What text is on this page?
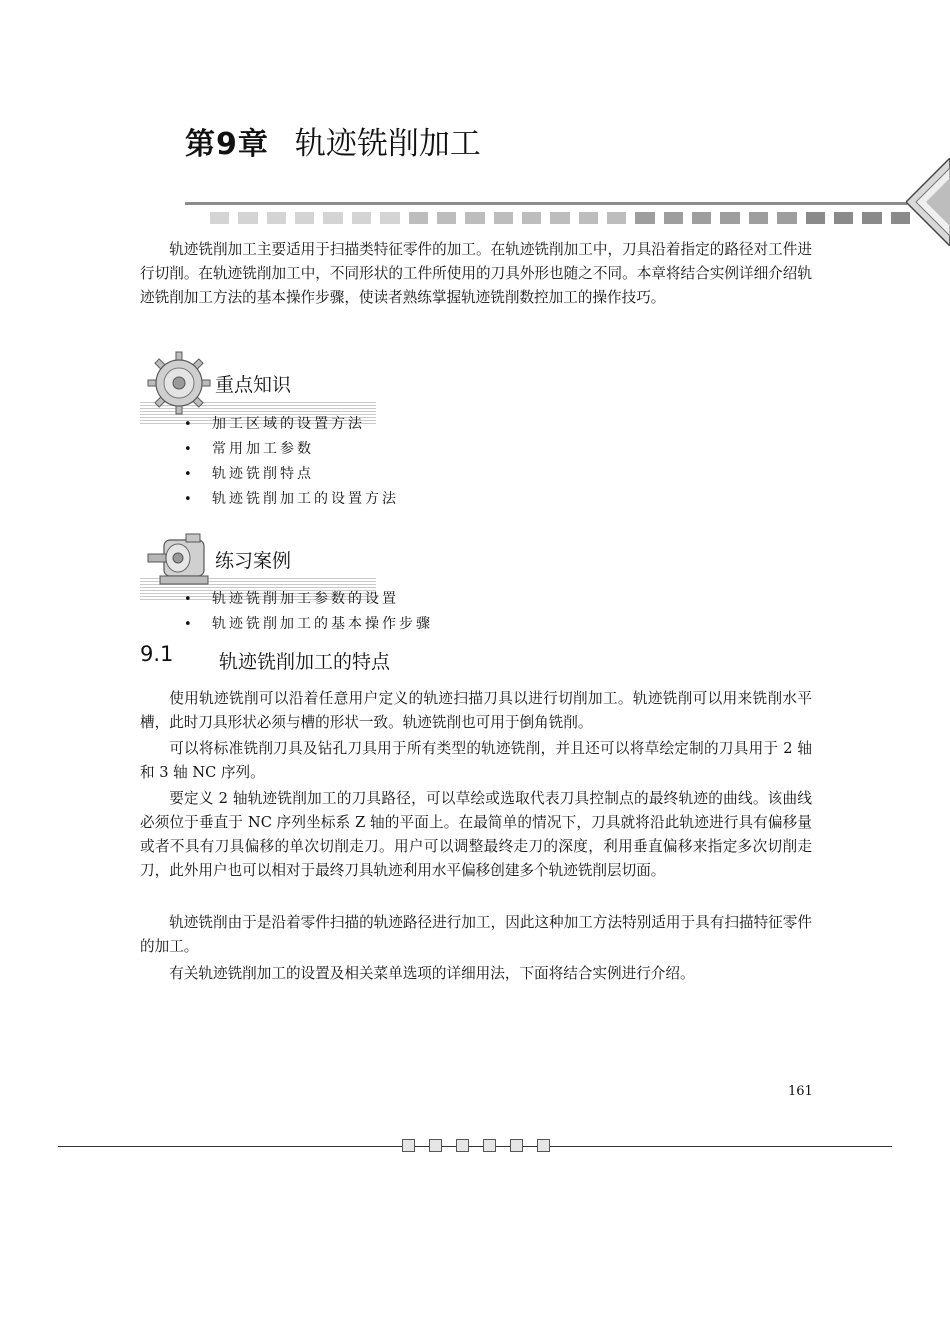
第9章 轨迹铣削加工

轨迹铣削加工主要适用于扫描类特征零件的加工。在轨迹铣削加工中，刀具沿着指定的路径对工件进行切削。在轨迹铣削加工中，不同形状的工件所使用的刀具外形也随之不同。本章将结合实例详细介绍轨迹铣削加工方法的基本操作步骤，使读者熟练掌握轨迹铣削数控加工的操作技巧。

重点知识
• 加工区域的设置方法
• 常用加工参数
• 轨迹铣削特点
• 轨迹铣削加工的设置方法
练习案例
• 轨迹铣削加工参数的设置
• 轨迹铣削加工的基本操作步骤
9.1 轨迹铣削加工的特点

使用轨迹铣削可以沿着任意用户定义的轨迹扫描刀具以进行切削加工。轨迹铣削可以用来铣削水平槽，此时刀具形状必须与槽的形状一致。轨迹铣削也可用于倒角铣削。

可以将标准铣削刀具及钻孔刀具用于所有类型的轨迹铣削，并且还可以将草绘定制的刀具用于 2 轴和 3 轴 NC 序列。

要定义 2 轴轨迹铣削加工的刀具路径，可以草绘或选取代表刀具控制点的最终轨迹的曲线。该曲线必须位于垂直于 NC 序列坐标系 Z 轴的平面上。在最简单的情况下，刀具就将沿此轨迹进行具有偏移量或者不具有刀具偏移的单次切削走刀。用户可以调整最终走刀的深度，利用垂直偏移来指定多次切削走刀，此外用户也可以相对于最终刀具轨迹利用水平偏移创建多个轨迹铣削层切面。

轨迹铣削由于是沿着零件扫描的轨迹路径进行加工，因此这种加工方法特别适用于具有扫描特征零件的加工。

有关轨迹铣削加工的设置及相关菜单选项的详细用法，下面将结合实例进行介绍。

161
